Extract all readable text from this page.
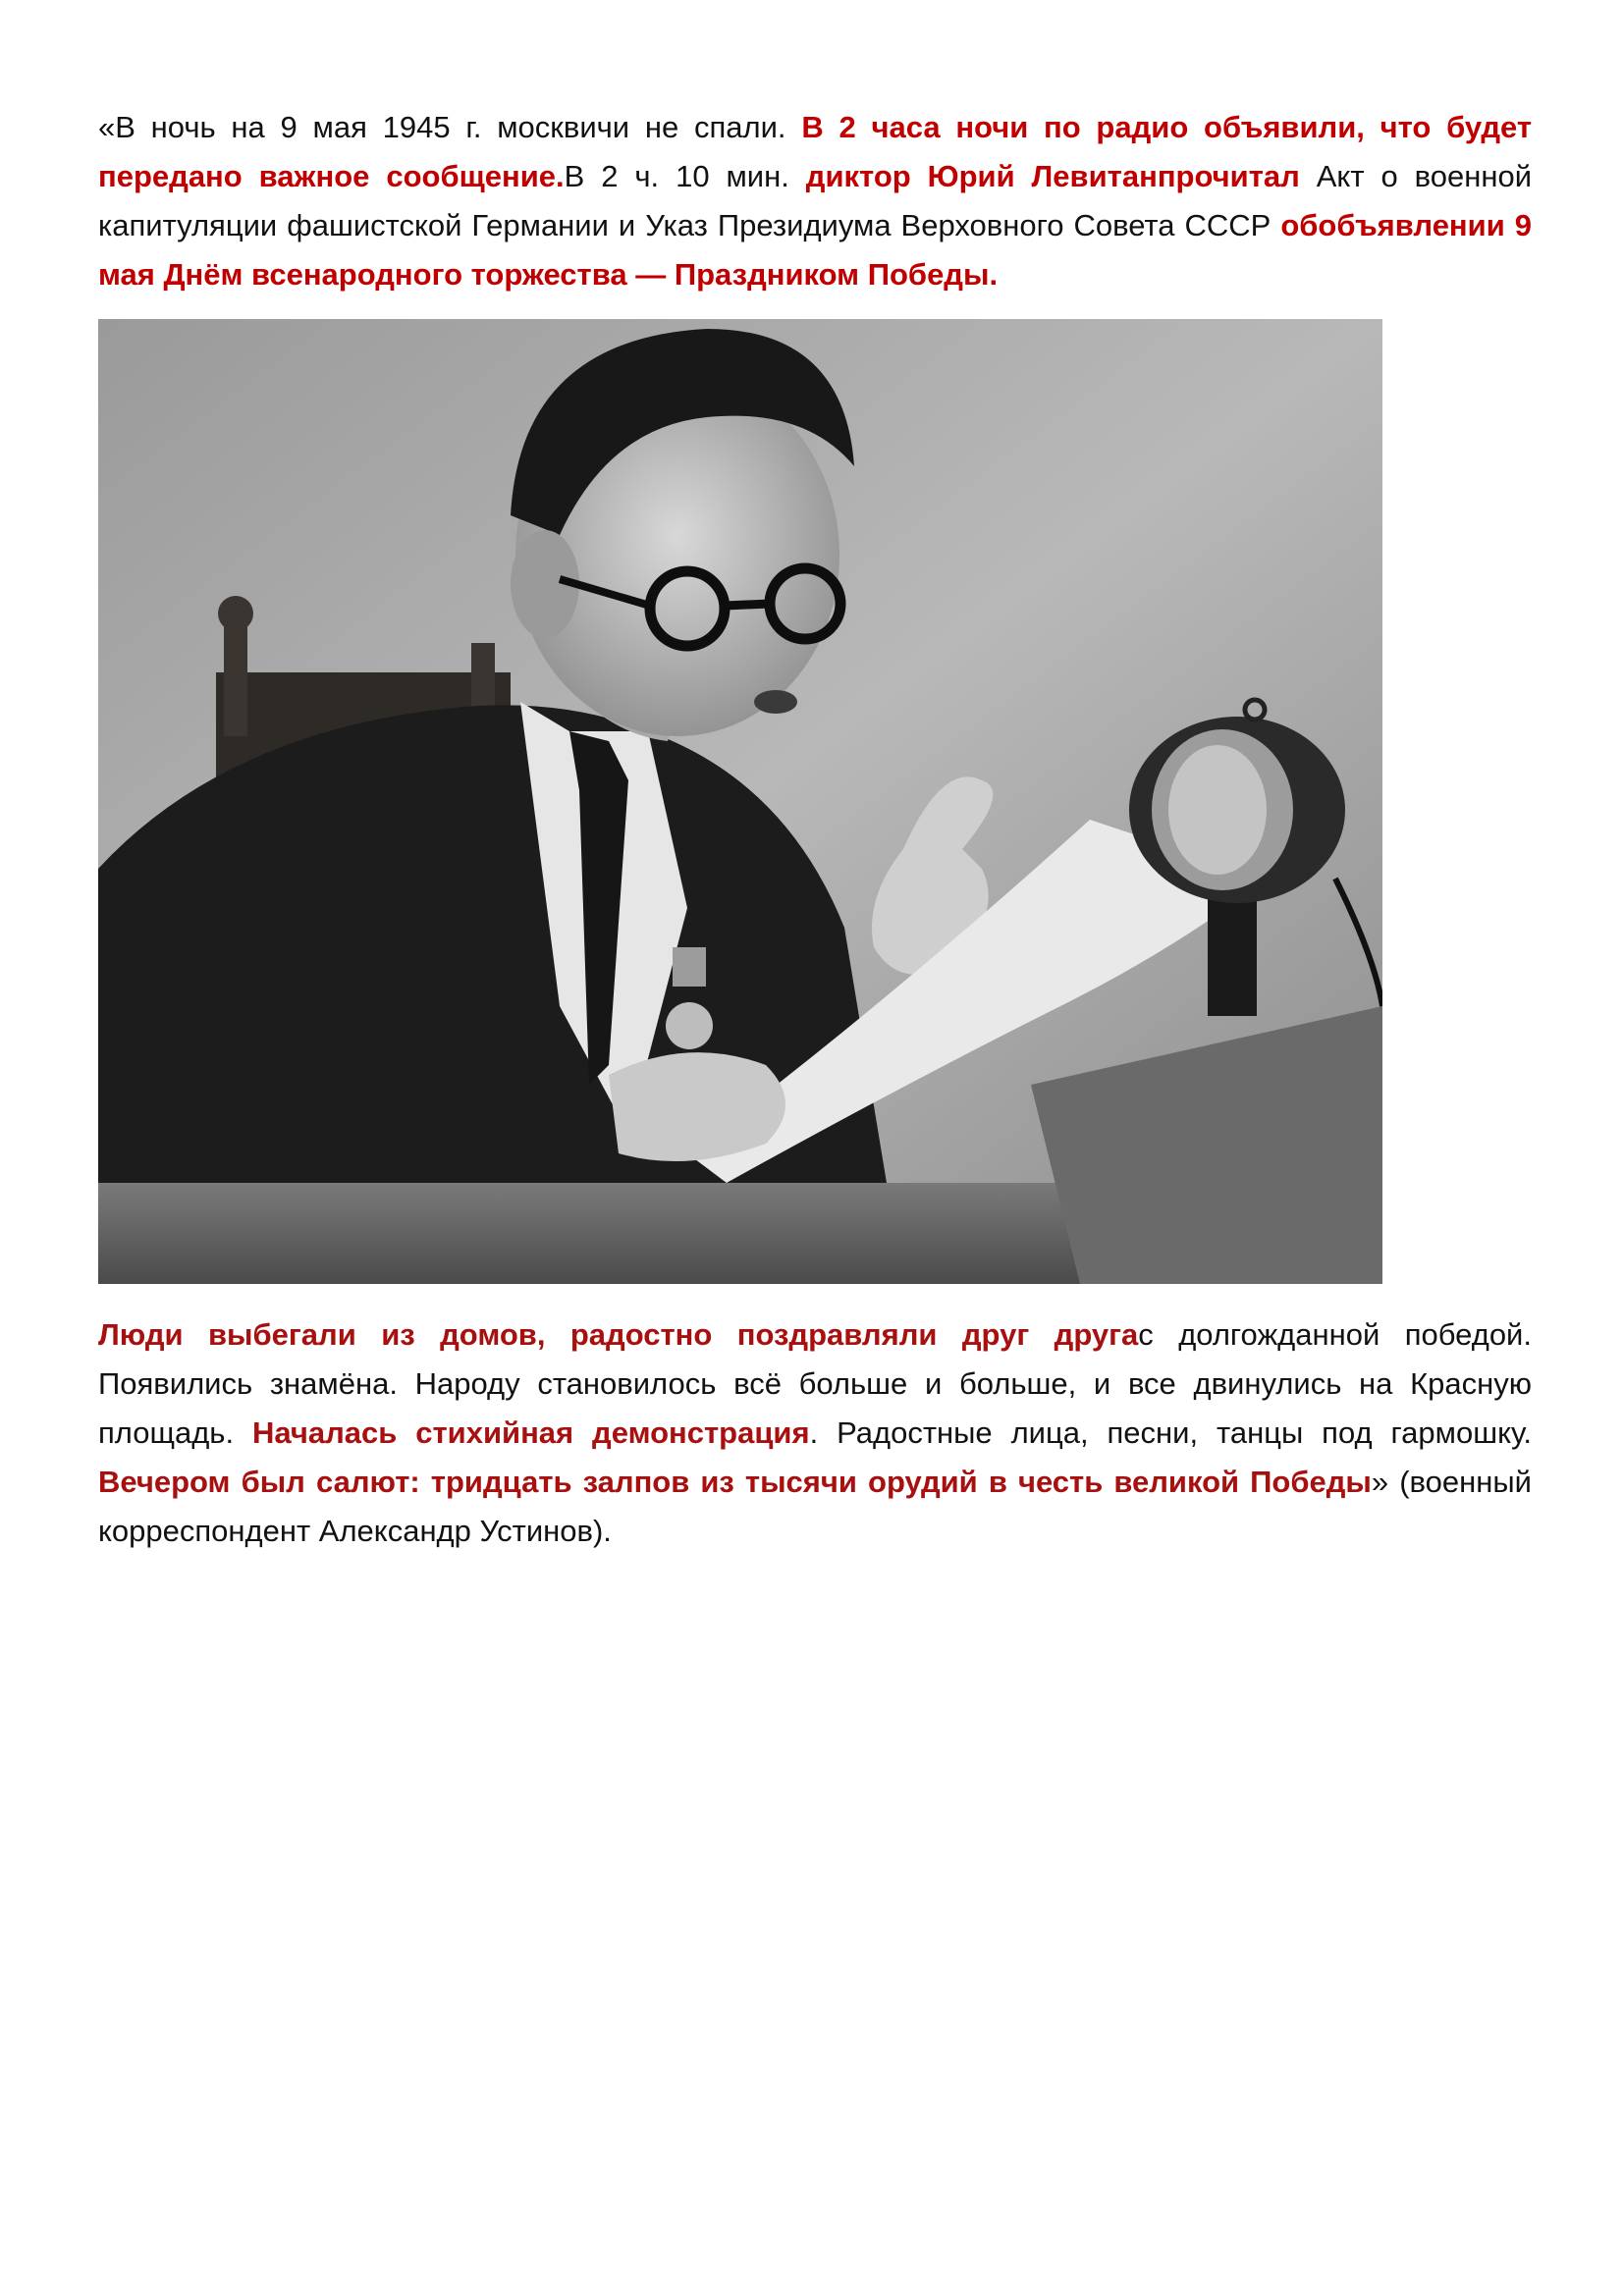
«В ночь на 9 мая 1945 г. москвичи не спали. В 2 часа ночи по радио объявили, что будет передано важное сообщение.В 2 ч. 10 мин. диктор Юрий Левитанпрочитал Акт о военной капитуляции фашистской Германии и Указ Президиума Верховного Совета СССР обобъявлении 9 мая Днём всенародного торжества — Праздником Победы.

Люди выбегали из домов, радостно поздравляли друг другас долгожданной победой. Появились знамёна. Народу становилось всё больше и больше, и все двинулись на Красную площадь. Началась стихийная демонстрация. Радостные лица, песни, танцы под гармошку. Вечером был салют: тридцать залпов из тысячи орудий в честь великой Победы» (военный корреспондент Александр Устинов).
